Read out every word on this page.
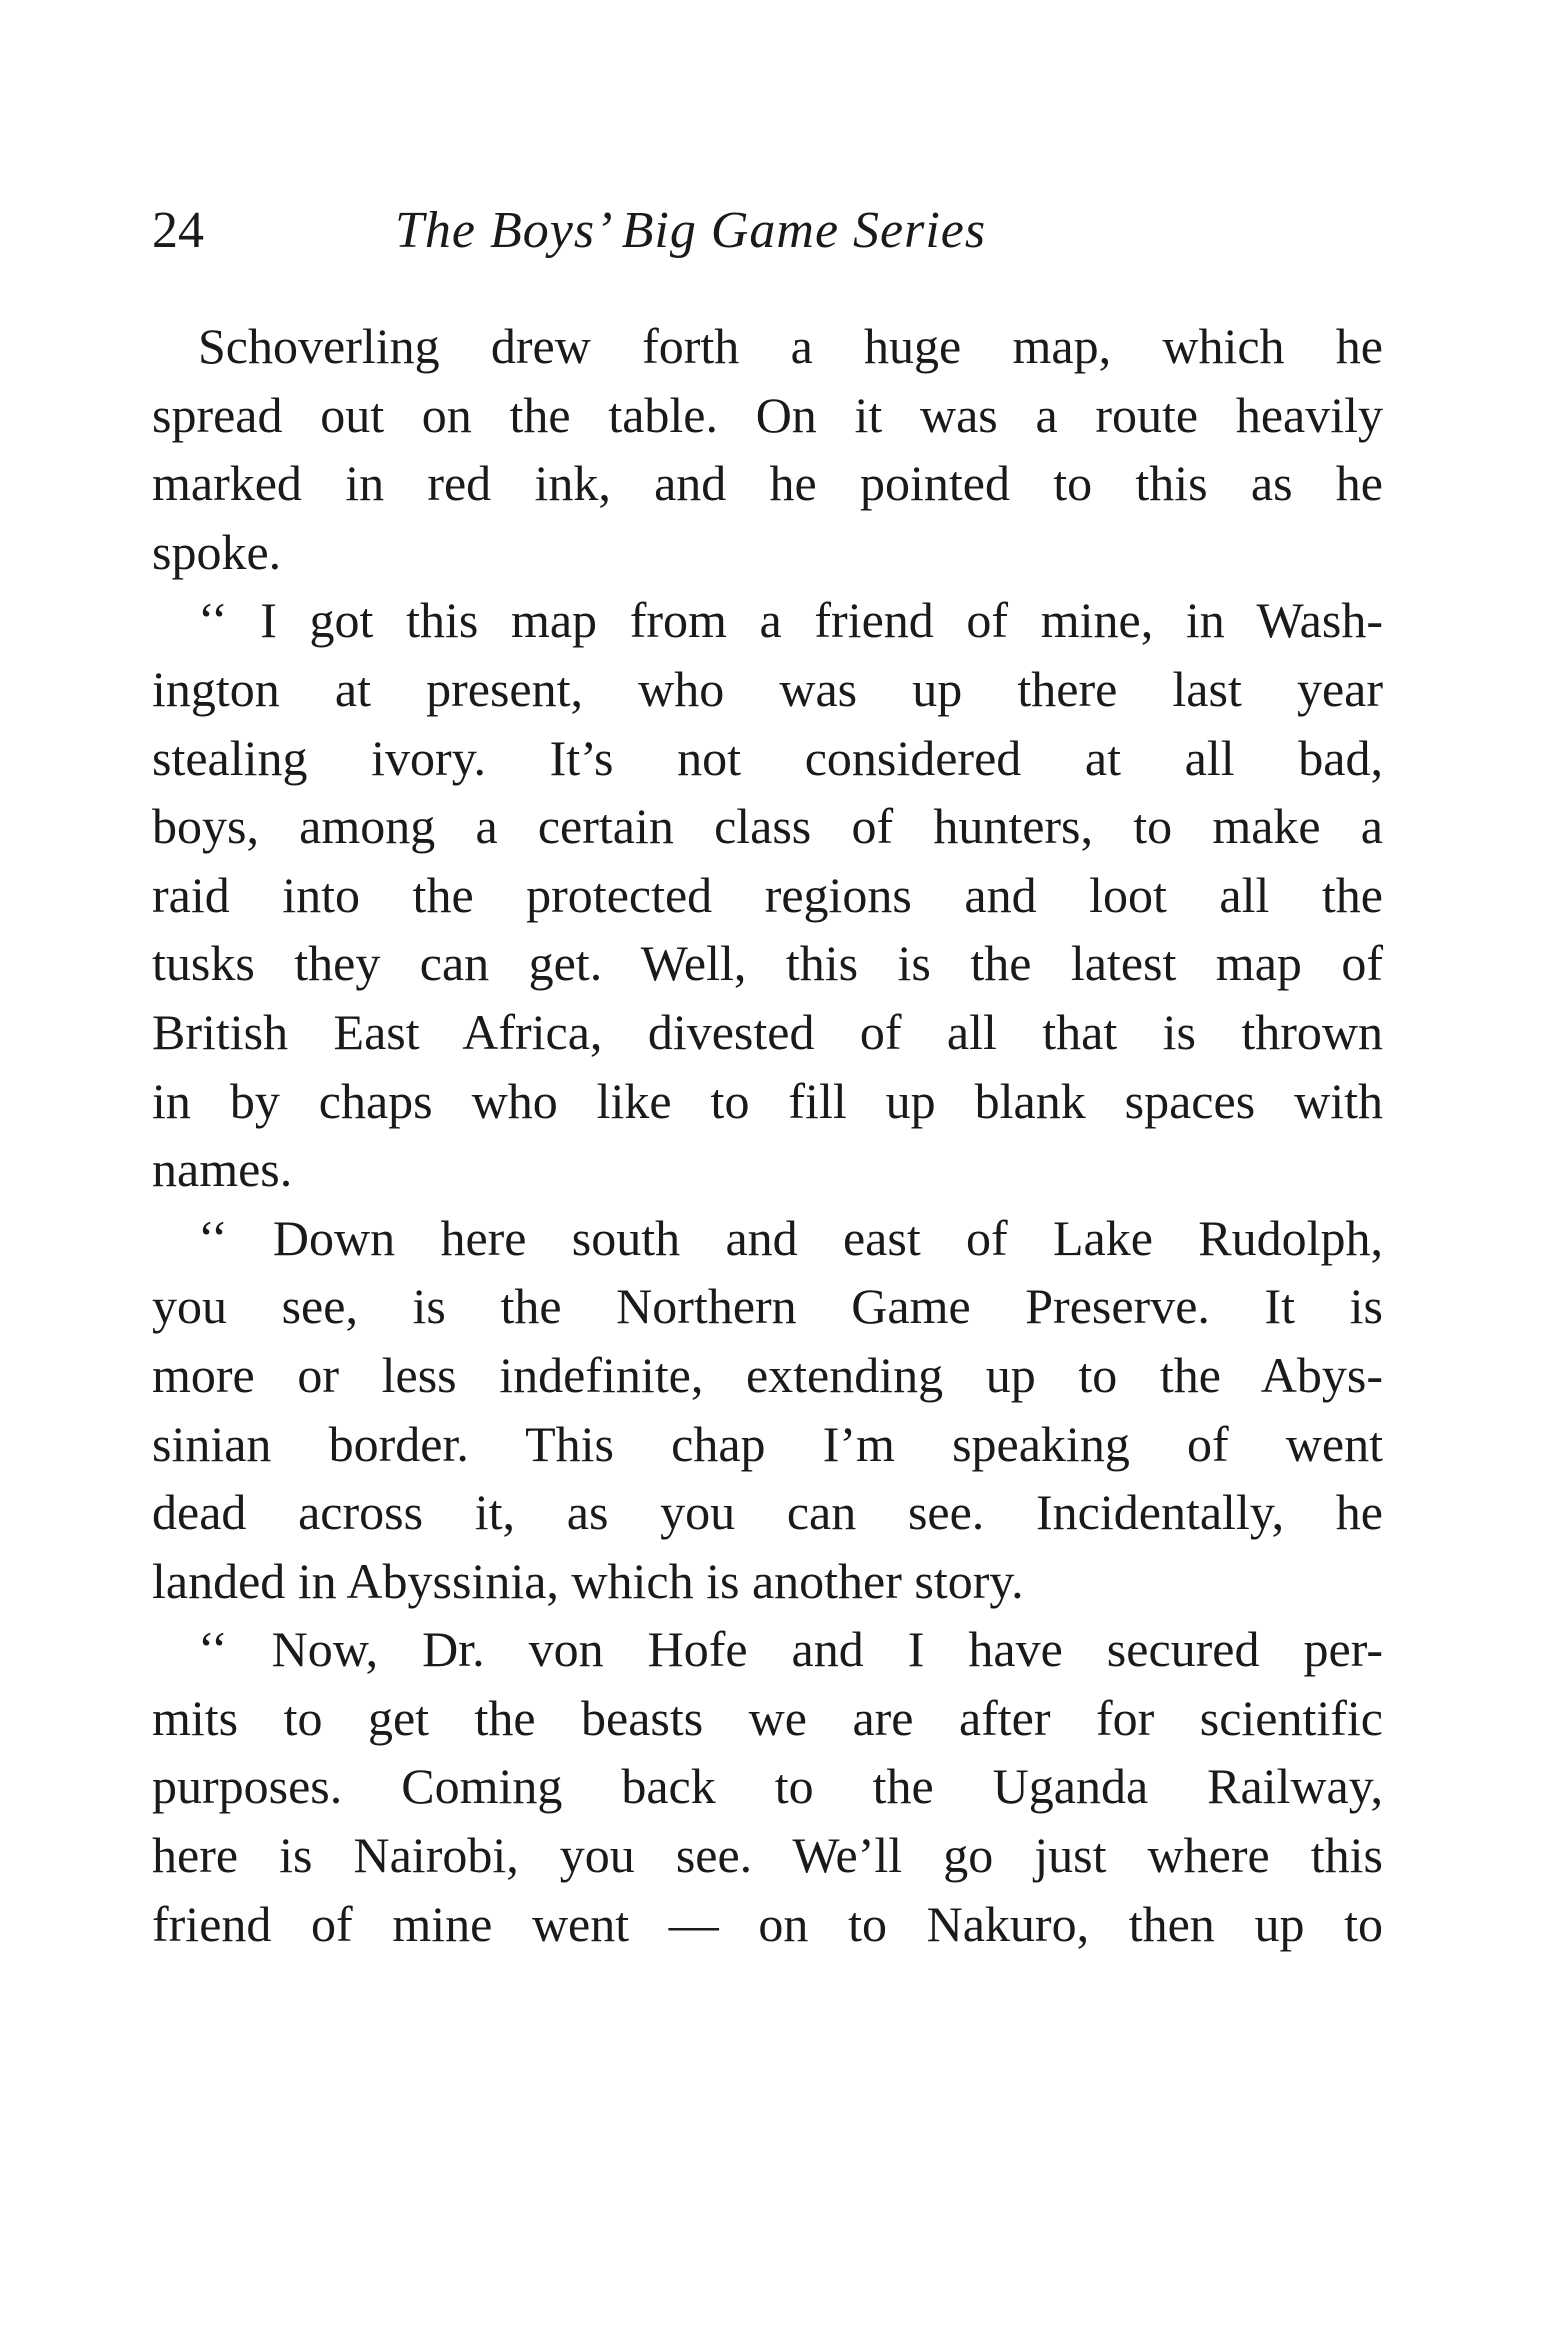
24	The Boys’ Big Game Series
Schoverling drew forth a huge map, which he
spread out on the table. On it was a route heavily
marked in red ink, and he pointed to this as he
spoke.
‘‘ I got this map from a friend of mine, in Wash-
ington at present, who was up there last year
stealing ivory. It’s not considered at all bad,
boys, among a certain class of hunters, to make a
raid into the protected regions and loot all the
tusks they can get. Well, this is the latest map of
British East Africa, divested of all that is thrown
in by chaps who like to fill up blank spaces with
names.
‘‘ Down here south and east of Lake Rudolph,
you see, is the Northern Game Preserve. It is
more or less indefinite, extending up to the Abys-
sinian border. This chap I’m speaking of went
dead across it, as you can see. Incidentally, he
landed in Abyssinia, which is another story.
‘‘ Now, Dr. von Hofe and I have secured per-
mits to get the beasts we are after for scientific
purposes. Coming back to the Uganda Railway,
here is Nairobi, you see. We’ll go just where this
friend of mine went — on to Nakuro, then up to
